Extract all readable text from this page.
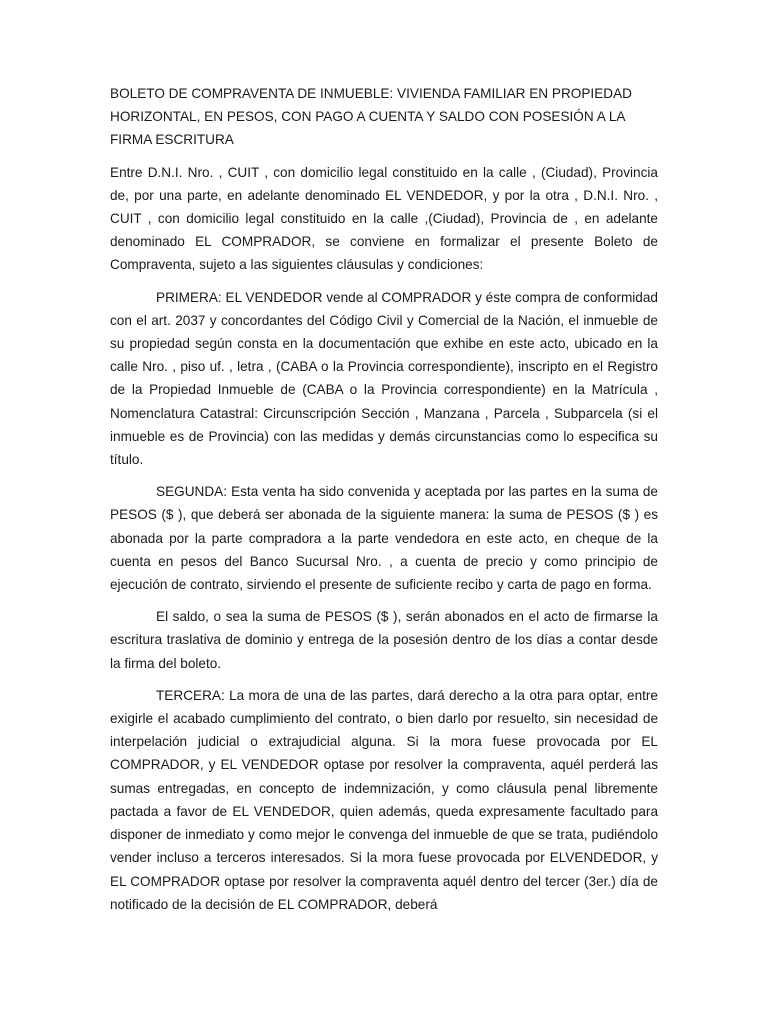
BOLETO DE COMPRAVENTA DE INMUEBLE: VIVIENDA FAMILIAR EN PROPIEDAD HORIZONTAL, EN PESOS, CON PAGO A CUENTA Y SALDO CON POSESIÓN A LA FIRMA ESCRITURA

Entre D.N.I. Nro. , CUIT , con domicilio legal constituido en la calle , (Ciudad), Provincia de, por una parte, en adelante denominado EL VENDEDOR, y por la otra , D.N.I. Nro. , CUIT , con domicilio legal constituido en la calle ,(Ciudad), Provincia de , en adelante denominado EL COMPRADOR, se conviene en formalizar el presente Boleto de Compraventa, sujeto a las siguientes cláusulas y condiciones:

PRIMERA: EL VENDEDOR vende al COMPRADOR y éste compra de conformidad con el art. 2037 y concordantes del Código Civil y Comercial de la Nación, el inmueble de su propiedad según consta en la documentación que exhibe en este acto, ubicado en la calle Nro. , piso uf. , letra , (CABA o la Provincia correspondiente), inscripto en el Registro de la Propiedad Inmueble de (CABA o la Provincia correspondiente) en la Matrícula , Nomenclatura Catastral: Circunscripción Sección , Manzana , Parcela , Subparcela (si el inmueble es de Provincia) con las medidas y demás circunstancias como lo especifica su título.

SEGUNDA: Esta venta ha sido convenida y aceptada por las partes en la suma de PESOS ($ ), que deberá ser abonada de la siguiente manera: la suma de PESOS ($ ) es abonada por la parte compradora a la parte vendedora en este acto, en cheque de la cuenta en pesos del Banco Sucursal Nro. , a cuenta de precio y como principio de ejecución de contrato, sirviendo el presente de suficiente recibo y carta de pago en forma.

El saldo, o sea la suma de PESOS ($ ), serán abonados en el acto de firmarse la escritura traslativa de dominio y entrega de la posesión dentro de los días a contar desde la firma del boleto.

TERCERA: La mora de una de las partes, dará derecho a la otra para optar, entre exigirle el acabado cumplimiento del contrato, o bien darlo por resuelto, sin necesidad de interpelación judicial o extrajudicial alguna. Si la mora fuese provocada por EL COMPRADOR, y EL VENDEDOR optase por resolver la compraventa, aquél perderá las sumas entregadas, en concepto de indemnización, y como cláusula penal libremente pactada a favor de EL VENDEDOR, quien además, queda expresamente facultado para disponer de inmediato y como mejor le convenga del inmueble de que se trata, pudiéndolo vender incluso a terceros interesados. Si la mora fuese provocada por ELVENDEDOR, y EL COMPRADOR optase por resolver la compraventa aquél dentro del tercer (3er.) día de notificado de la decisión de EL COMPRADOR, deberá
